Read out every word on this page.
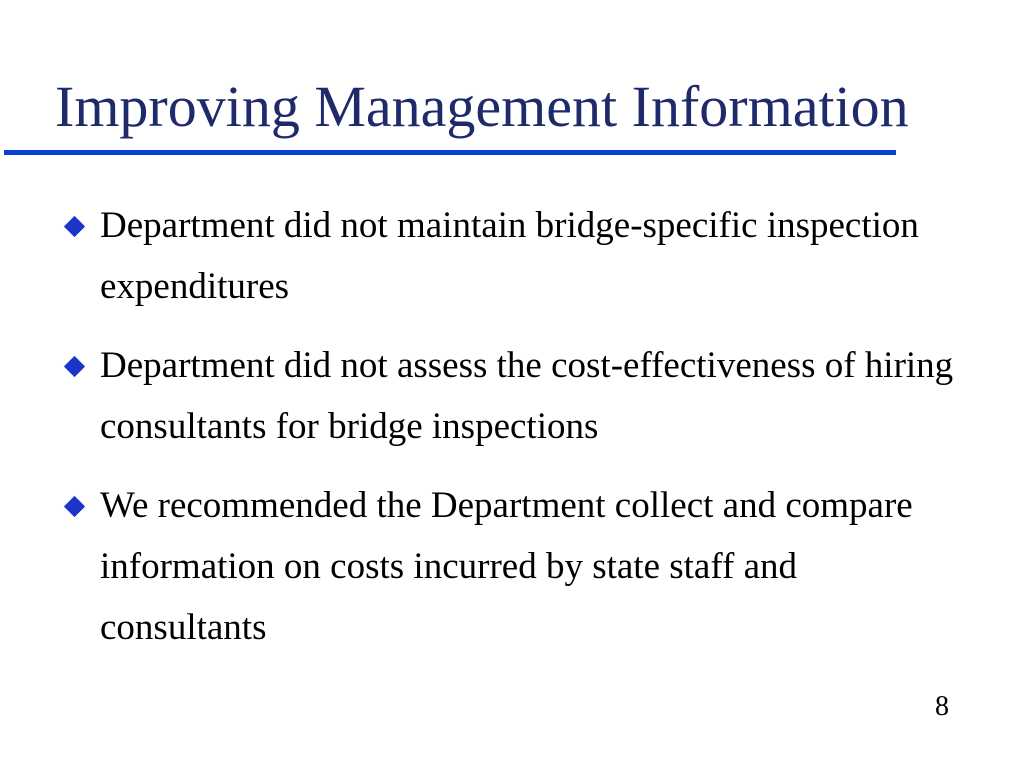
Improving Management Information
Department did not maintain bridge-specific inspection expenditures
Department did not assess the cost-effectiveness of hiring consultants for bridge inspections
We recommended the Department collect and compare information on costs incurred by state staff and consultants
8
